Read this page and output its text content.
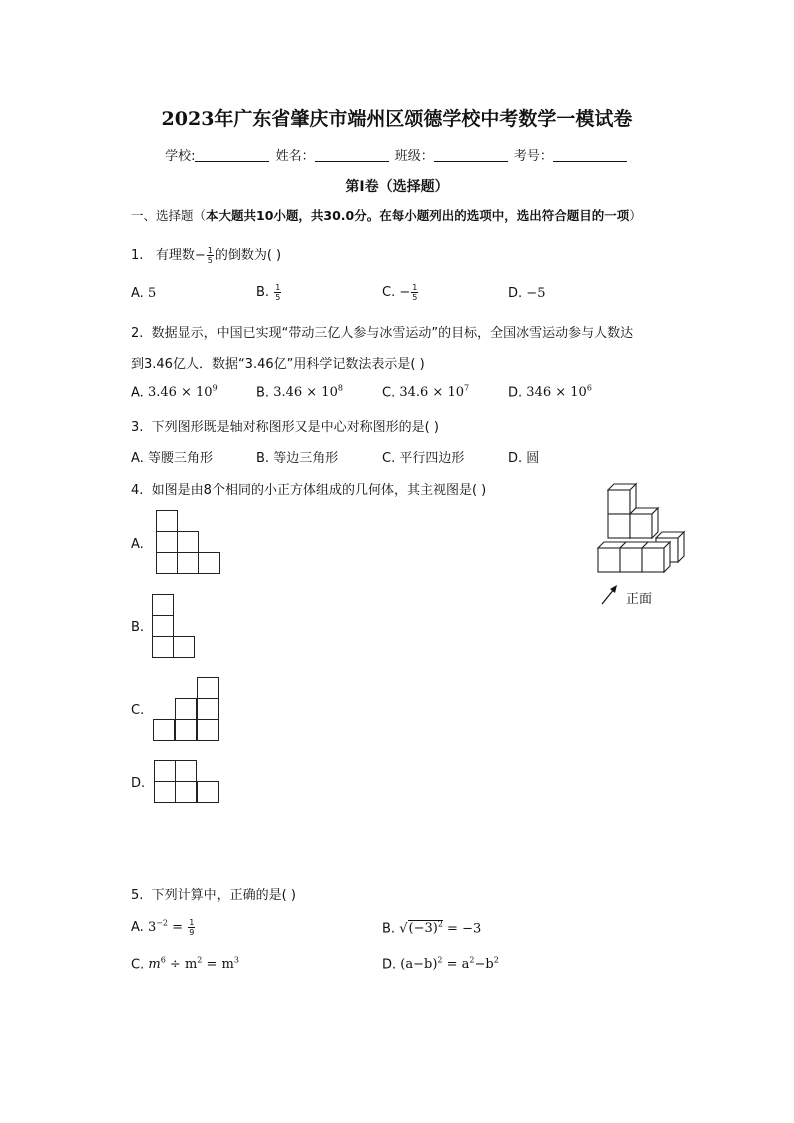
2023年广东省肇庆市端州区颂德学校中考数学一模试卷
学校:	姓名：	班级：	考号：
第I卷（选择题）
一、选择题（本大题共10小题，共30.0分。在每小题列出的选项中，选出符合题目的一项）
1. 有理数− $\frac{1}{5}$ 的倒数为( )
A. 5	B. $\frac{1}{5}$	C. − $\frac{1}{5}$	D. −5
2. 数据显示，中国已实现“带动三亿人参与冰雪运动”的目标，全国冰雪运动参与人数达
到3.46亿人．数据“3.46亿”用科学记数法表示是( )
A. $3.46 \times 10^9$	B. $3.46 \times 10^8$	C. $34.6 \times 10^7$	D. $346 \times 10^6$
3. 下列图形既是轴对称图形又是中心对称图形的是( )
A. 等腰三角形	B. 等边三角形	C. 平行四边形	D. 圆
4. 如图是由8个相同的小正方体组成的几何体，其主视图是( )
A.
B.
C.
D.
正面
5. 下列计算中，正确的是( )
A. $3^{-2} = \frac{1}{9}$	B. $√(-3)^2 = -3$
C. $m^6 \div m^2 = m^3$	D. $(a-b)^2 = a^2-b^2$
